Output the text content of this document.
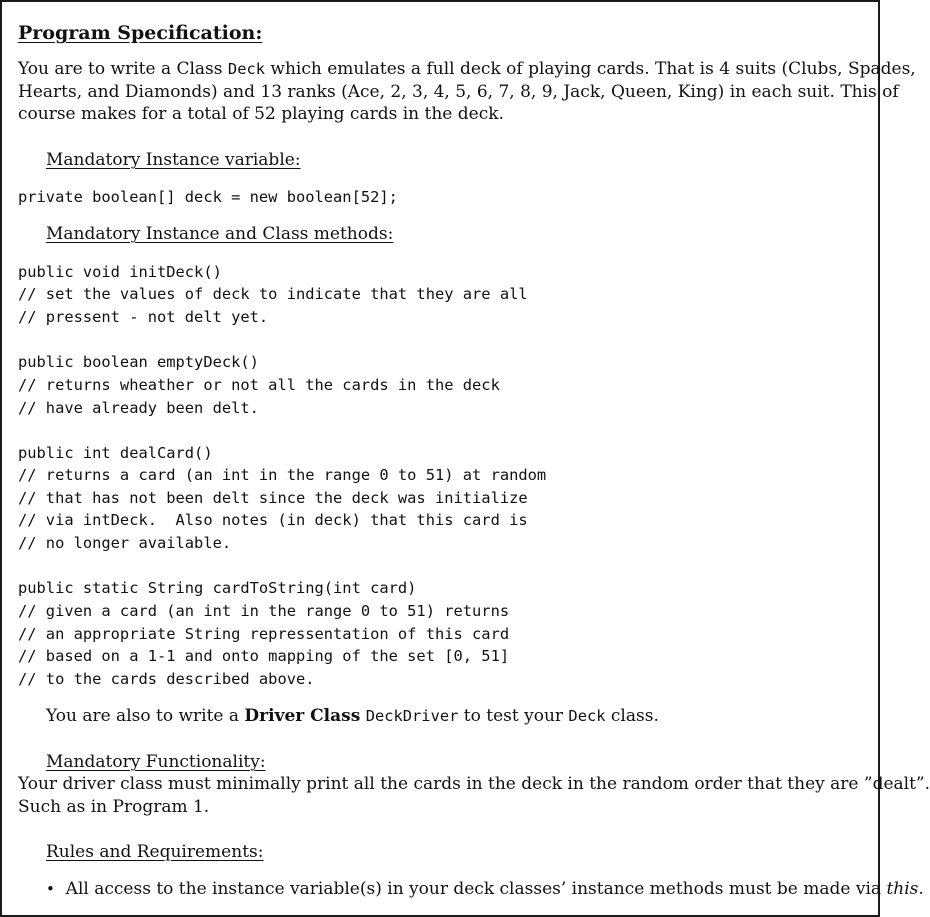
Program Specification:
You are to write a Class Deck which emulates a full deck of playing cards. That is 4 suits (Clubs, Spades,
Hearts, and Diamonds) and 13 ranks (Ace, 2, 3, 4, 5, 6, 7, 8, 9, Jack, Queen, King) in each suit. This of
course makes for a total of 52 playing cards in the deck.
Mandatory Instance variable:
private boolean[] deck = new boolean[52];
Mandatory Instance and Class methods:
public void initDeck()
// set the values of deck to indicate that they are all
// pressent - not delt yet.
public boolean emptyDeck()
// returns wheather or not all the cards in the deck
// have already been delt.
public int dealCard()
// returns a card (an int in the range 0 to 51) at random
// that has not been delt since the deck was initialize
// via intDeck.  Also notes (in deck) that this card is
// no longer available.
public static String cardToString(int card)
// given a card (an int in the range 0 to 51) returns
// an appropriate String repressentation of this card
// based on a 1-1 and onto mapping of the set [0, 51]
// to the cards described above.
You are also to write a Driver Class DeckDriver to test your Deck class.
Mandatory Functionality:
Your driver class must minimally print all the cards in the deck in the random order that they are ”dealt”.
Such as in Program 1.
Rules and Requirements:
• All access to the instance variable(s) in your deck classes’ instance methods must be made via this.
